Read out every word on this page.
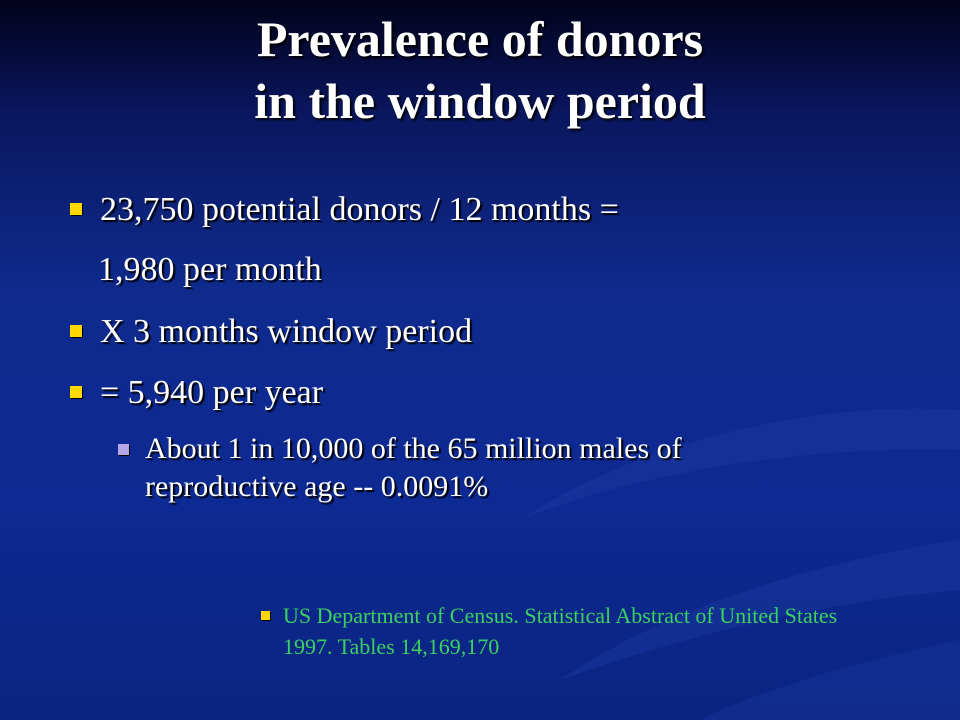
Prevalence of donors
in the window period
23,750 potential donors / 12 months =
1,980 per month
X 3 months window period
= 5,940 per year
About 1 in 10,000 of the 65 million males of reproductive age -- 0.0091%
US Department of Census. Statistical Abstract of United States 1997. Tables 14,169,170
